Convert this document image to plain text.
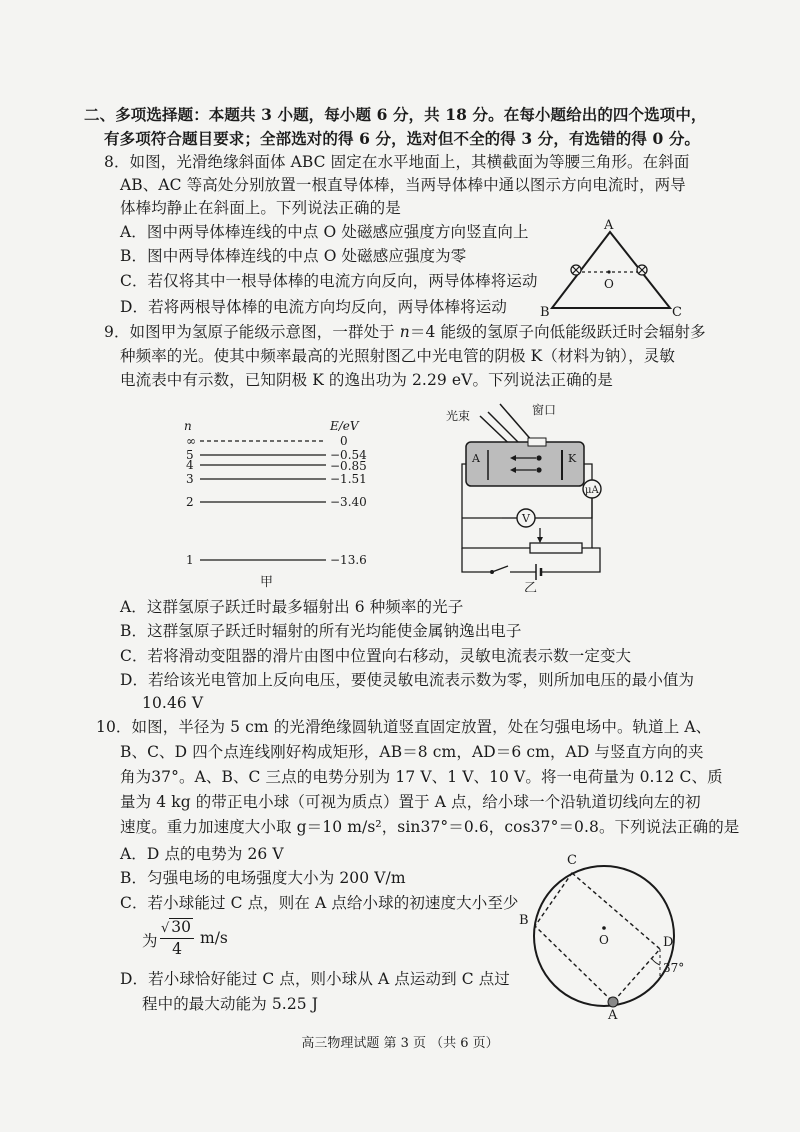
二、多项选择题：本题共 3 小题，每小题 6 分，共 18 分。在每小题给出的四个选项中，
有多项符合题目要求；全部选对的得 6 分，选对但不全的得 3 分，有选错的得 0 分。
8．如图，光滑绝缘斜面体 ABC 固定在水平地面上，其横截面为等腰三角形。在斜面
AB、AC 等高处分别放置一根直导体棒，当两导体棒中通以图示方向电流时，两导
体棒均静止在斜面上。下列说法正确的是
A．图中两导体棒连线的中点 O 处磁感应强度方向竖直向上
B．图中两导体棒连线的中点 O 处磁感应强度为零
C．若仅将其中一根导体棒的电流方向反向，两导体棒将运动
D．若将两根导体棒的电流方向均反向，两导体棒将运动
A
B	C
O
9．如图甲为氢原子能级示意图，一群处于 n＝4 能级的氢原子向低能级跃迁时会辐射多
种频率的光。使其中频率最高的光照射图乙中光电管的阴极 K（材料为钠），灵敏
电流表中有示数，已知阴极 K 的逸出功为 2.29 eV。下列说法正确的是
n	E/eV
∞
5
4
3
2
1
0
−0.54
−0.85
−1.51
−3.40
−13.6
甲
光束	窗口
A	K
μA
V
乙
A．这群氢原子跃迁时最多辐射出 6 种频率的光子
B．这群氢原子跃迁时辐射的所有光均能使金属钠逸出电子
C．若将滑动变阻器的滑片由图中位置向右移动，灵敏电流表示数一定变大
D．若给该光电管加上反向电压，要使灵敏电流表示数为零，则所加电压的最小值为
10.46 V
10．如图，半径为 5 cm 的光滑绝缘圆轨道竖直固定放置，处在匀强电场中。轨道上 A、
B、C、D 四个点连线刚好构成矩形，AB＝8 cm，AD＝6 cm，AD 与竖直方向的夹
角为37°。A、B、C 三点的电势分别为 17 V、1 V、10 V。将一电荷量为 0.12 C、质
量为 4 kg 的带正电小球（可视为质点）置于 A 点，给小球一个沿轨道切线向左的初
速度。重力加速度大小取 g＝10 m/s²，sin37°＝0.6，cos37°＝0.8。下列说法正确的是
A．D 点的电势为 26 V
B．匀强电场的电场强度大小为 200 V/m
C．若小球能过 C 点，则在 A 点给小球的初速度大小至少
为 $\frac{√ 30}{4} m/s$
D．若小球恰好能过 C 点，则小球从 A 点运动到 C 点过
程中的最大动能为 5.25 J
O
C
B
D
A
37°
高三物理试题 第 3 页 （共 6 页）
